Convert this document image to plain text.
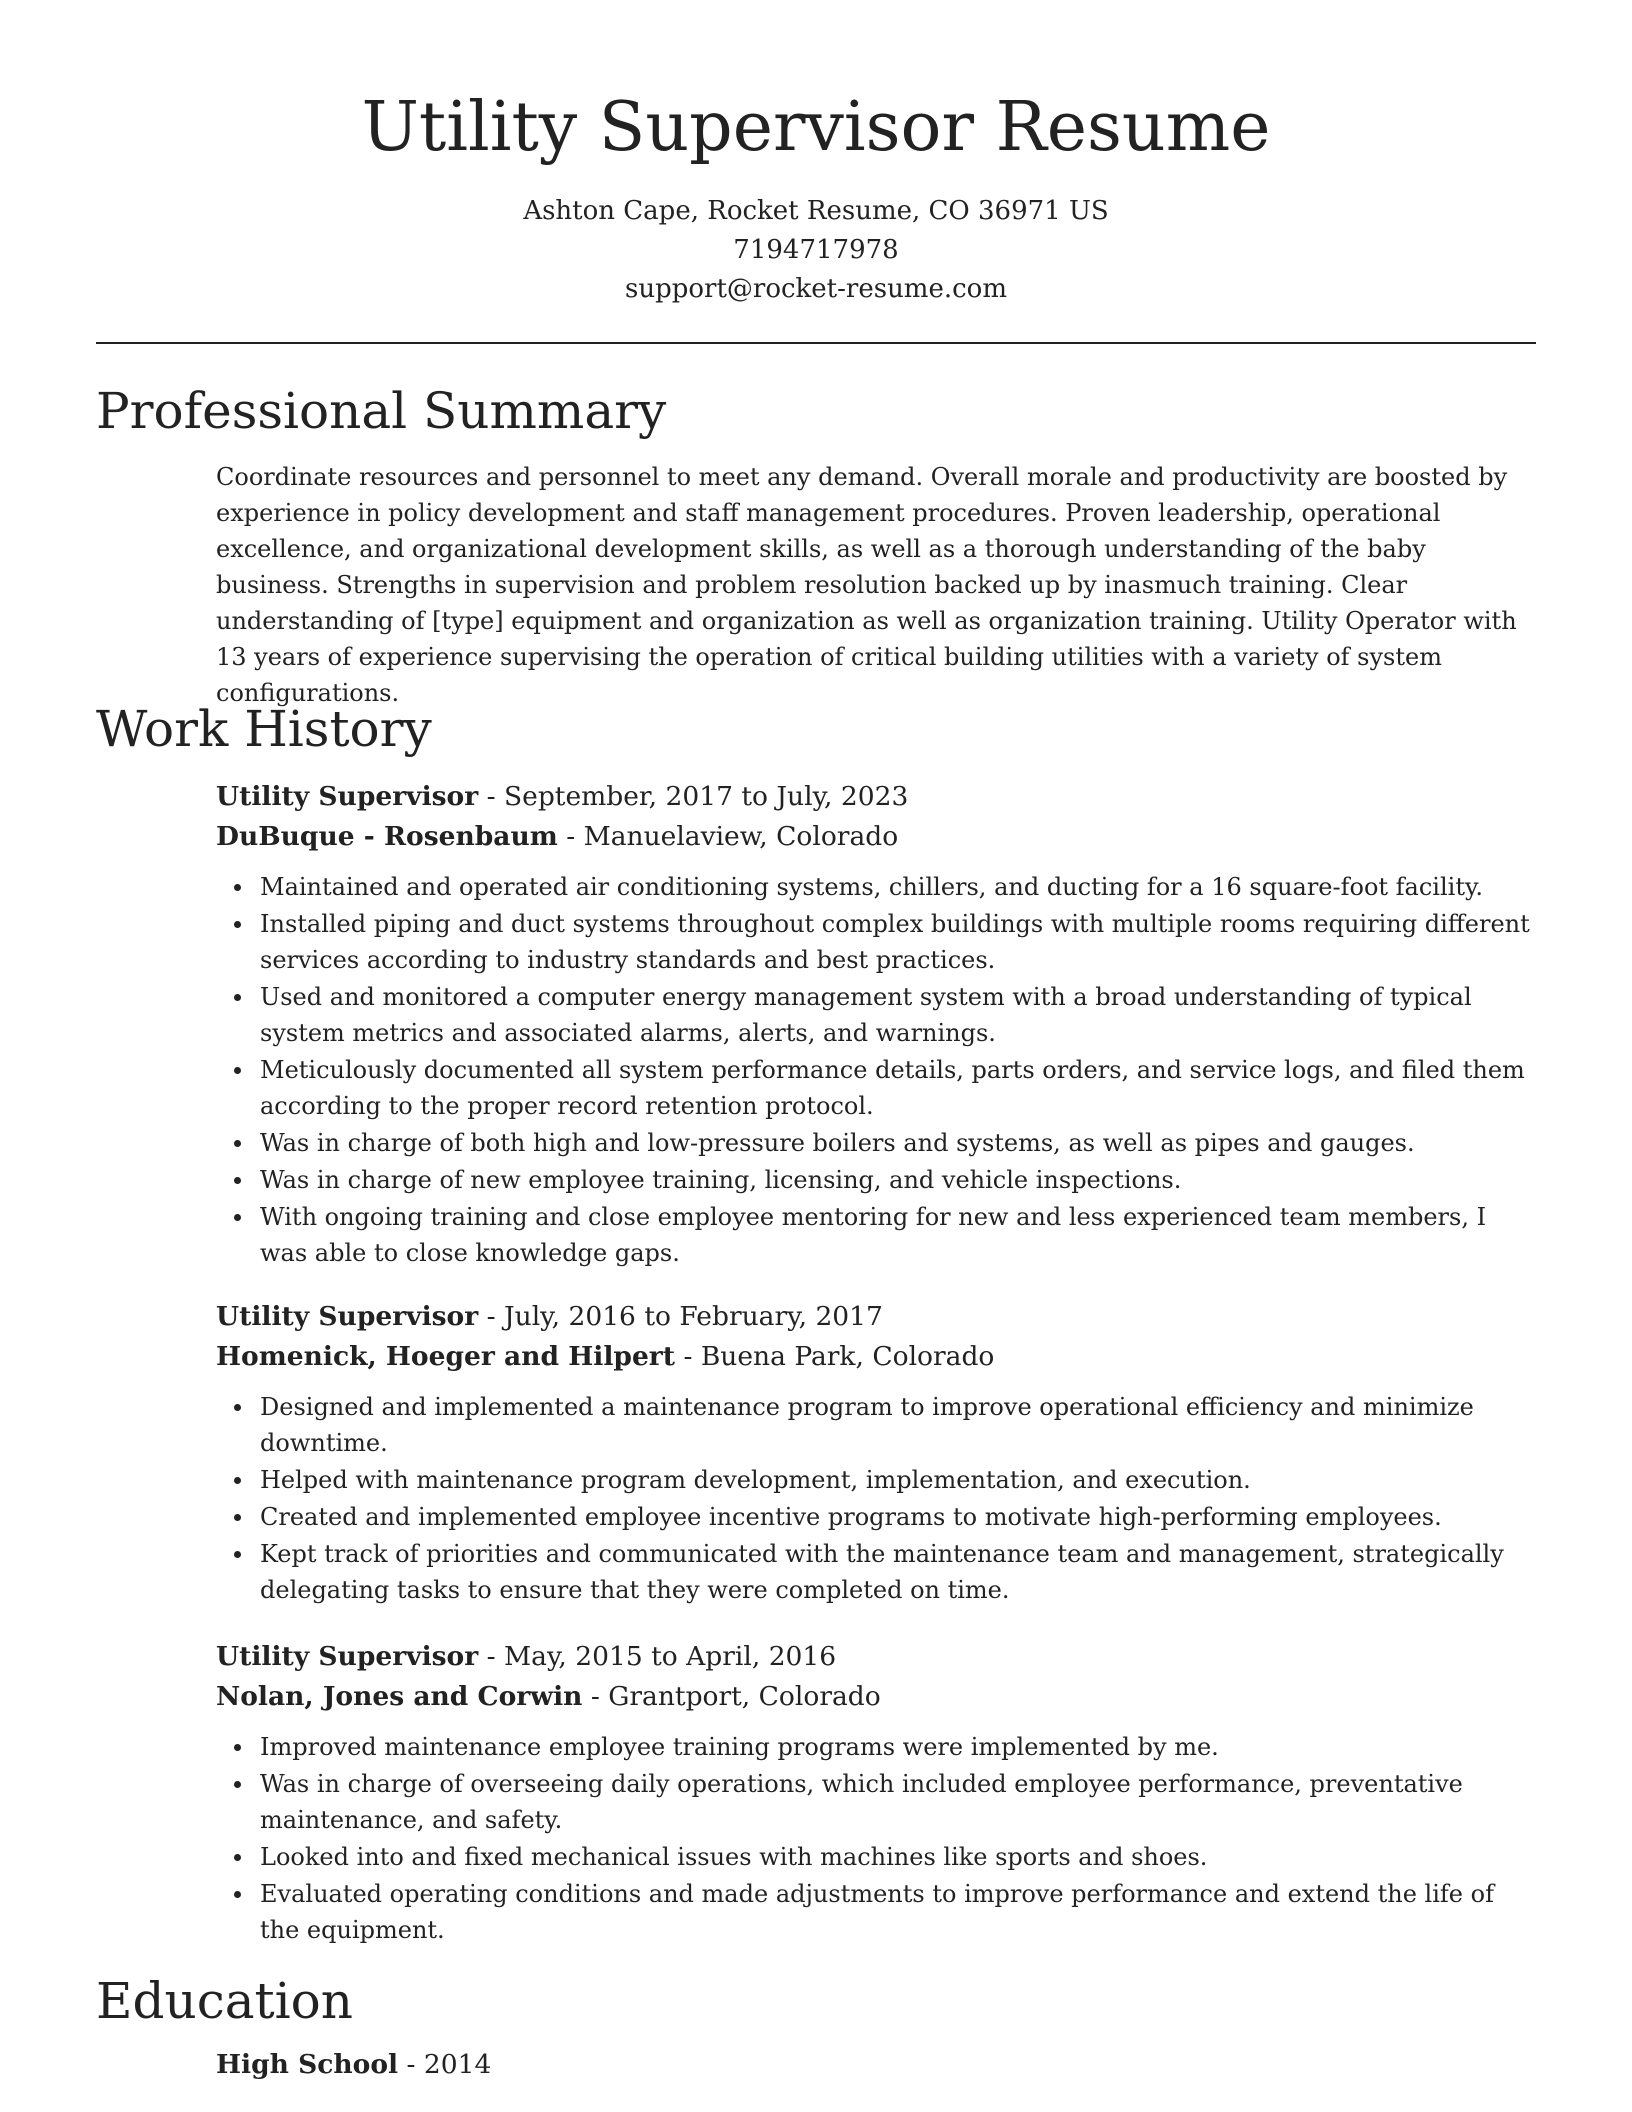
Utility Supervisor Resume
Ashton Cape, Rocket Resume, CO 36971 US
7194717978
support@rocket-resume.com
Professional Summary

Coordinate resources and personnel to meet any demand. Overall morale and productivity are boosted by experience in policy development and staff management procedures. Proven leadership, operational excellence, and organizational development skills, as well as a thorough understanding of the baby business. Strengths in supervision and problem resolution backed up by inasmuch training. Clear understanding of [type] equipment and organization as well as organization training. Utility Operator with 13 years of experience supervising the operation of critical building utilities with a variety of system configurations.

Work History
Utility Supervisor - September, 2017 to July, 2023
DuBuque - Rosenbaum - Manuelaview, Colorado
Maintained and operated air conditioning systems, chillers, and ducting for a 16 square-foot facility.
Installed piping and duct systems throughout complex buildings with multiple rooms requiring different services according to industry standards and best practices.
Used and monitored a computer energy management system with a broad understanding of typical system metrics and associated alarms, alerts, and warnings.
Meticulously documented all system performance details, parts orders, and service logs, and filed them according to the proper record retention protocol.
Was in charge of both high and low-pressure boilers and systems, as well as pipes and gauges.
Was in charge of new employee training, licensing, and vehicle inspections.
With ongoing training and close employee mentoring for new and less experienced team members, I was able to close knowledge gaps.
Utility Supervisor - July, 2016 to February, 2017
Homenick, Hoeger and Hilpert - Buena Park, Colorado
Designed and implemented a maintenance program to improve operational efficiency and minimize downtime.
Helped with maintenance program development, implementation, and execution.
Created and implemented employee incentive programs to motivate high-performing employees.
Kept track of priorities and communicated with the maintenance team and management, strategically delegating tasks to ensure that they were completed on time.
Utility Supervisor - May, 2015 to April, 2016
Nolan, Jones and Corwin - Grantport, Colorado
Improved maintenance employee training programs were implemented by me.
Was in charge of overseeing daily operations, which included employee performance, preventative maintenance, and safety.
Looked into and fixed mechanical issues with machines like sports and shoes.
Evaluated operating conditions and made adjustments to improve performance and extend the life of the equipment.
Education
High School - 2014
